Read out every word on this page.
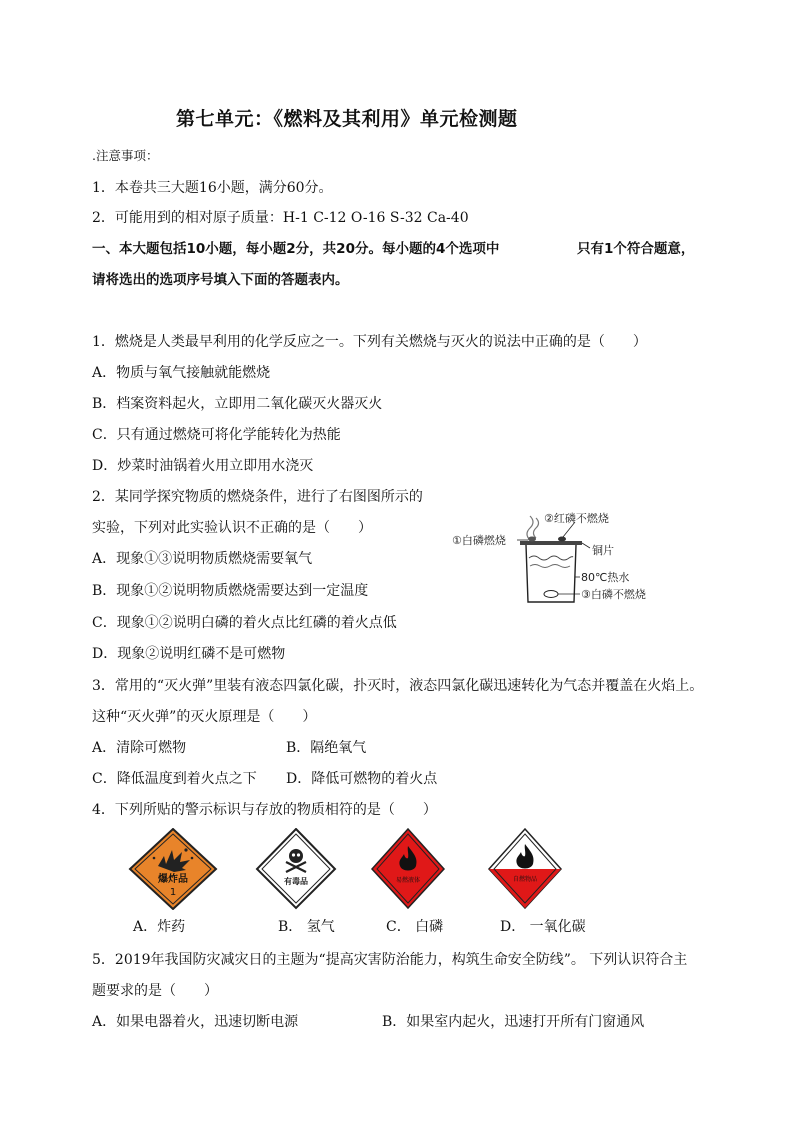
第七单元：《燃料及其利用》单元检测题
.注意事项：
1．本卷共三大题16小题，满分60分。
2．可能用到的相对原子质量：H-1 C-12 O-16 S-32 Ca-40
一、本大题包括10小题，每小题2分，共20分。每小题的4个选项中	只有1个符合题意，
请将选出的选项序号填入下面的答题表内。
1．燃烧是人类最早利用的化学反应之一。下列有关燃烧与灭火的说法中正确的是（　　）
A．物质与氧气接触就能燃烧
B．档案资料起火，立即用二氧化碳灭火器灭火
C．只有通过燃烧可将化学能转化为热能
D．炒菜时油锅着火用立即用水浇灭
2．某同学探究物质的燃烧条件，进行了右图图所示的
实验，下列对此实验认识不正确的是（　　）
A．现象①③说明物质燃烧需要氧气
B．现象①②说明物质燃烧需要达到一定温度
C．现象①②说明白磷的着火点比红磷的着火点低
D．现象②说明红磷不是可燃物
②红磷不燃烧
①白磷燃烧
铜片
80℃热水
③白磷不燃烧
3．常用的“灭火弹”里装有液态四氯化碳，扑灭时，液态四氯化碳迅速转化为气态并覆盖在火焰上。
这种“灭火弹”的灭火原理是（　　）
A．清除可燃物	B．隔绝氧气
C．降低温度到着火点之下 D．降低可燃物的着火点
4．下列所贴的警示标识与存放的物质相符的是（　　）
爆炸品
1
有毒品	易燃液体	自燃物品
A．炸药	B． 氢气	C． 白磷	D． 一氧化碳
5．2019年我国防灾减灾日的主题为“提高灾害防治能力，构筑生命安全防线”。 下列认识符合主
题要求的是（　　）
A．如果电器着火，迅速切断电源	B．如果室内起火，迅速打开所有门窗通风
